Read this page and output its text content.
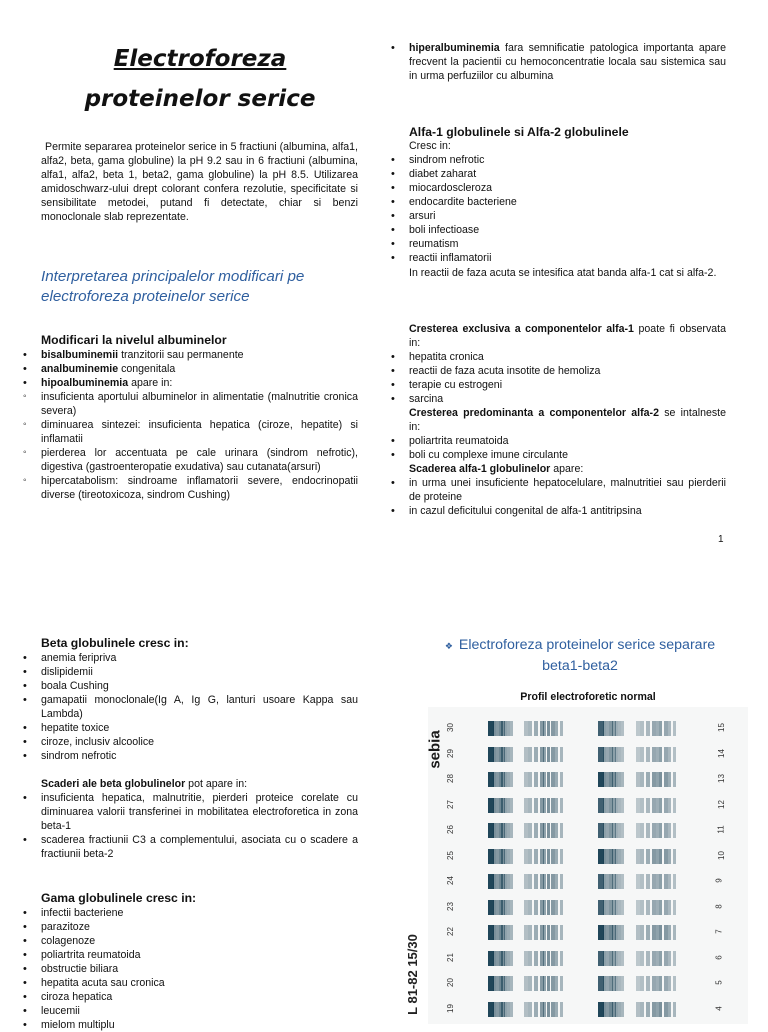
Electroforeza
proteinelor serice
Permite separarea proteinelor serice in 5 fractiuni (albumina, alfa1, alfa2, beta, gama globuline) la pH 9.2 sau in 6 fractiuni (albumina, alfa1, alfa2, beta 1, beta2, gama globuline) la pH 8.5. Utilizarea amidoschwarz-ului drept colorant confera rezolutie, specificitate si sensibilitate metodei, putand fi detectate, chiar si benzi monoclonale slab reprezentate.
Interpretarea principalelor modificari pe electroforeza proteinelor serice
Modificari la nivelul albuminelor
• bisalbuminemii tranzitorii sau permanente
• analbuminemie congenitala
• hipoalbuminemia apare in:
◦ insuficienta aportului albuminelor in alimentatie (malnutritie cronica severa)
◦ diminuarea sintezei: insuficienta hepatica (ciroze, hepatite) si inflamatii
◦ pierderea lor accentuata pe cale urinara (sindrom nefrotic), digestiva (gastroenteropatie exudativa) sau cutanata(arsuri)
◦ hipercatabolism: sindroame inflamatorii severe, endocrinopatii diverse (tireotoxicoza, sindrom Cushing)
• hiperalbuminemia fara semnificatie patologica importanta apare frecvent la pacientii cu hemoconcentratie locala sau sistemica sau in urma perfuziilor cu albumina
Alfa-1 globulinele si Alfa-2 globulinele
Cresc in:
• sindrom nefrotic
• diabet zaharat
• miocardoscleroza
• endocardite bacteriene
• arsuri
• boli infectioase
• reumatism
• reactii inflamatorii
In reactii de faza acuta se intesifica atat banda alfa-1 cat si alfa-2.
Cresterea exclusiva a componentelor alfa-1 poate fi observata in:
• hepatita cronica
• reactii de faza acuta insotite de hemoliza
• terapie cu estrogeni
• sarcina
Cresterea predominanta a componentelor alfa-2 se intalneste in:
• poliartrita reumatoida
• boli cu complexe imune circulante
Scaderea alfa-1 globulinelor apare:
• in urma unei insuficiente hepatocelulare, malnutritiei sau pierderii de proteine
• in cazul deficitului congenital de alfa-1 antitripsina
1
Beta globulinele cresc in:
• anemia feripriva
• dislipidemii
• boala Cushing
• gamapatii monoclonale(Ig A, Ig G, lanturi usoare Kappa sau Lambda)
• hepatite toxice
• ciroze, inclusiv alcoolice
• sindrom nefrotic
Scaderi ale beta globulinelor pot apare in:
• insuficienta hepatica, malnutritie, pierderi proteice corelate cu diminuarea valorii transferinei in mobilitatea electroforetica in zona beta-1
• scaderea fractiunii C3 a complementului, asociata cu o scadere a fractiunii beta-2
Gama globulinele cresc in:
• infectii bacteriene
• parazitoze
• colagenoze
• poliartrita reumatoida
• obstructie biliara
• hepatita acuta sau cronica
• ciroza hepatica
• leucemii
• mielom multiplu
❖ Electroforeza proteinelor serice separare beta1-beta2
Profil electroforetic normal
sebia
L 81-82 15/30
30
29
28
27
26
25
24
23
22
21
20
19
15
14
13
12
11
10
9
8
7
6
5
4
